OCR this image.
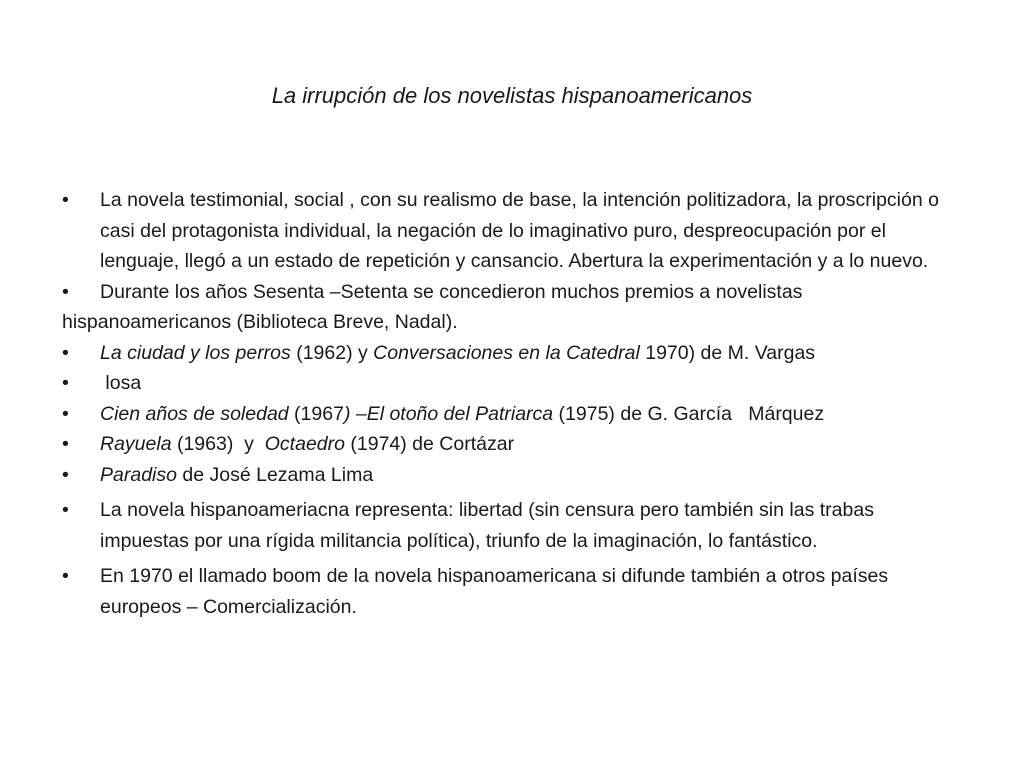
La irrupción de los novelistas hispanoamericanos
•	La novela testimonial, social , con su realismo de base, la intención politizadora, la proscripción o casi del protagonista individual, la negación de lo imaginativo puro, despreocupación por el lenguaje, llegó a un estado de repetición y cansancio. Abertura la experimentación y a lo nuevo.
• Durante los años Sesenta –Setenta se concedieron muchos premios a novelistas hispanoamericanos (Biblioteca Breve, Nadal).
•	La ciudad y los perros (1962) y Conversaciones en la Catedral 1970) de M. Vargas
•	losa
•	Cien años de soledad (1967) –El otoño del Patriarca (1975) de G. García   Márquez
•	Rayuela (1963)  y  Octaedro (1974) de Cortázar
•	Paradiso de José Lezama Lima
•	La novela hispanoameriacna representa: libertad (sin censura pero también sin las trabas impuestas por una rígida militancia política), triunfo de la imaginación, lo fantástico.
•	En 1970 el llamado boom de la novela hispanoamericana si difunde también a otros países europeos – Comercialización.
